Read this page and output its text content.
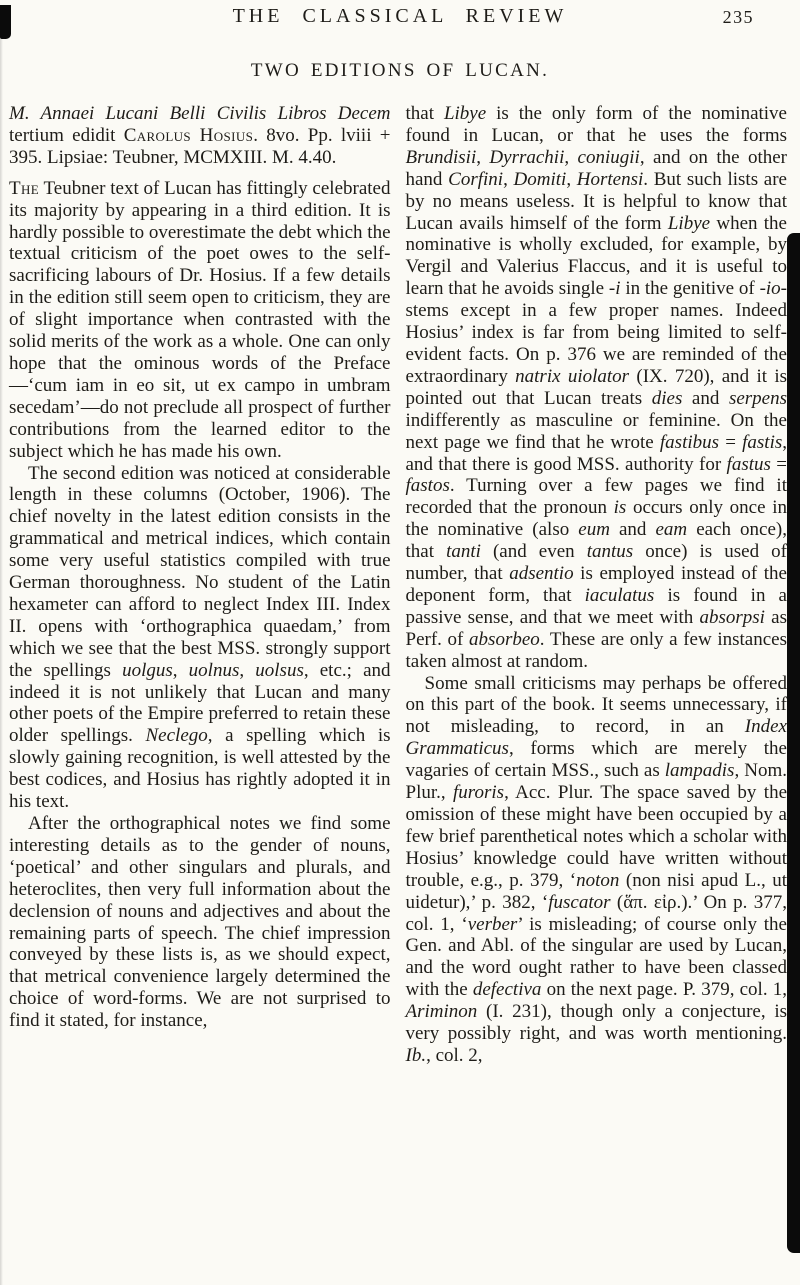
THE CLASSICAL REVIEW	235
TWO EDITIONS OF LUCAN.

M. Annaei Lucani Belli Civilis Libros Decem tertium edidit Carolus Hosius. 8vo. Pp. lviii + 395. Lipsiae: Teubner, MCMXIII. M. 4.40.

The Teubner text of Lucan has fittingly celebrated its majority by appearing in a third edition. It is hardly possible to overestimate the debt which the textual criticism of the poet owes to the self-sacrificing labours of Dr. Hosius. If a few details in the edition still seem open to criticism, they are of slight importance when contrasted with the solid merits of the work as a whole. One can only hope that the ominous words of the Preface—‘cum iam in eo sit, ut ex campo in umbram secedam’—do not preclude all prospect of further contributions from the learned editor to the subject which he has made his own.

The second edition was noticed at considerable length in these columns (October, 1906). The chief novelty in the latest edition consists in the grammatical and metrical indices, which contain some very useful statistics compiled with true German thoroughness. No student of the Latin hexameter can afford to neglect Index III. Index II. opens with ‘orthographica quaedam,’ from which we see that the best MSS. strongly support the spellings uolgus, uolnus, uolsus, etc.; and indeed it is not unlikely that Lucan and many other poets of the Empire preferred to retain these older spellings. Neclego, a spelling which is slowly gaining recognition, is well attested by the best codices, and Hosius has rightly adopted it in his text.

After the orthographical notes we find some interesting details as to the gender of nouns, ‘poetical’ and other singulars and plurals, and heteroclites, then very full information about the declension of nouns and adjectives and about the remaining parts of speech. The chief impression conveyed by these lists is, as we should expect, that metrical convenience largely determined the choice of word-forms. We are not surprised to find it stated, for instance,

that Libye is the only form of the nominative found in Lucan, or that he uses the forms Brundisii, Dyrrachii, coniugii, and on the other hand Corfini, Domiti, Hortensi. But such lists are by no means useless. It is helpful to know that Lucan avails himself of the form Libye when the nominative is wholly excluded, for example, by Vergil and Valerius Flaccus, and it is useful to learn that he avoids single -i in the genitive of -io-stems except in a few proper names. Indeed Hosius’ index is far from being limited to self-evident facts. On p. 376 we are reminded of the extraordinary natrix uiolator (IX. 720), and it is pointed out that Lucan treats dies and serpens indifferently as masculine or feminine. On the next page we find that he wrote fastibus = fastis, and that there is good MSS. authority for fastus = fastos. Turning over a few pages we find it recorded that the pronoun is occurs only once in the nominative (also eum and eam each once), that tanti (and even tantus once) is used of number, that adsentio is employed instead of the deponent form, that iaculatus is found in a passive sense, and that we meet with absorpsi as Perf. of absorbeo. These are only a few instances taken almost at random.

Some small criticisms may perhaps be offered on this part of the book. It seems unnecessary, if not misleading, to record, in an Index Grammaticus, forms which are merely the vagaries of certain MSS., such as lampadis, Nom. Plur., furoris, Acc. Plur. The space saved by the omission of these might have been occupied by a few brief parenthetical notes which a scholar with Hosius’ knowledge could have written without trouble, e.g., p. 379, ‘noton (non nisi apud L., ut uidetur),’ p. 382, ‘fuscator (ἅπ. εἰρ.).’ On p. 377, col. 1, ‘verber’ is misleading; of course only the Gen. and Abl. of the singular are used by Lucan, and the word ought rather to have been classed with the defectiva on the next page. P. 379, col. 1, Ariminon (I. 231), though only a conjecture, is very possibly right, and was worth mentioning. Ib., col. 2,
